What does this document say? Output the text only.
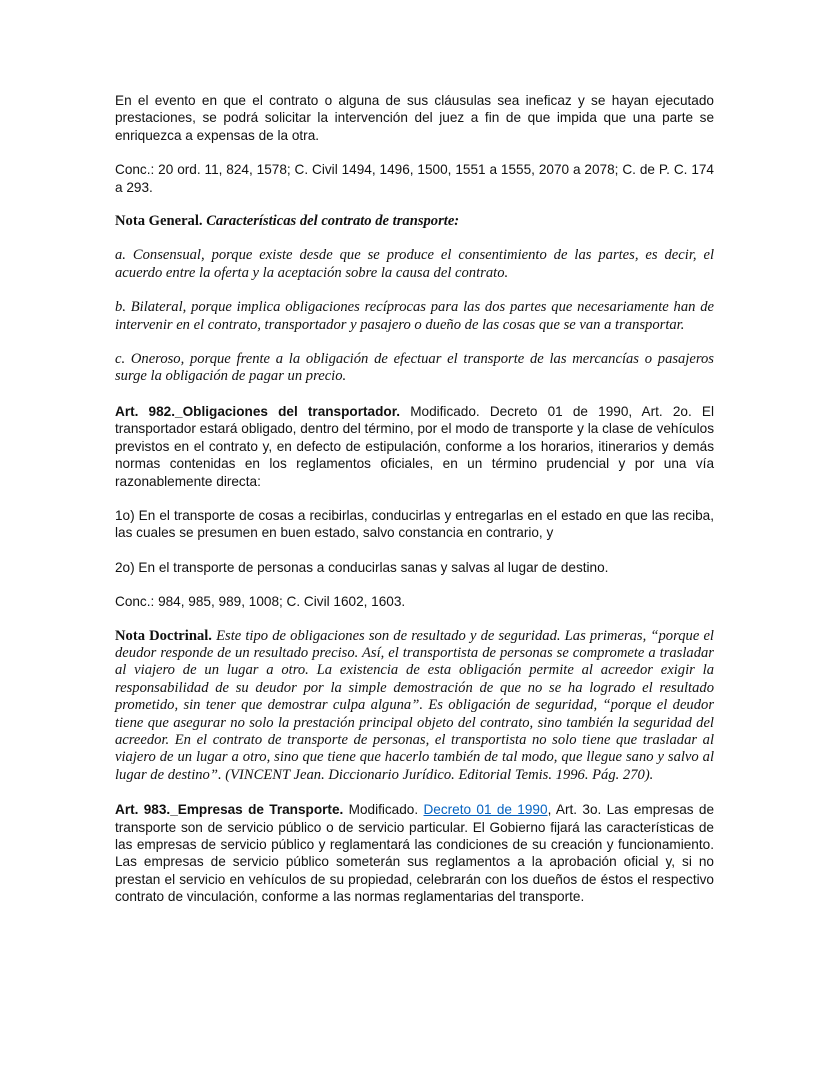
En el evento en que el contrato o alguna de sus cláusulas sea ineficaz y se hayan ejecutado prestaciones, se podrá solicitar la intervención del juez a fin de que impida que una parte se enriquezca a expensas de la otra.

Conc.: 20 ord. 11, 824, 1578; C. Civil 1494, 1496, 1500, 1551 a 1555, 2070 a 2078; C. de P. C. 174 a 293.

Nota General. Características del contrato de transporte:

a. Consensual, porque existe desde que se produce el consentimiento de las partes, es decir, el acuerdo entre la oferta y la aceptación sobre la causa del contrato.

b. Bilateral, porque implica obligaciones recíprocas para las dos partes que necesariamente han de intervenir en el contrato, transportador y pasajero o dueño de las cosas que se van a transportar.

c. Oneroso, porque frente a la obligación de efectuar el transporte de las mercancías o pasajeros surge la obligación de pagar un precio.

Art. 982._Obligaciones del transportador. Modificado. Decreto 01 de 1990, Art. 2o. El transportador estará obligado, dentro del término, por el modo de transporte y la clase de vehículos previstos en el contrato y, en defecto de estipulación, conforme a los horarios, itinerarios y demás normas contenidas en los reglamentos oficiales, en un término prudencial y por una vía razonablemente directa:

1o) En el transporte de cosas a recibirlas, conducirlas y entregarlas en el estado en que las reciba, las cuales se presumen en buen estado, salvo constancia en contrario, y

2o) En el transporte de personas a conducirlas sanas y salvas al lugar de destino.

Conc.: 984, 985, 989, 1008; C. Civil 1602, 1603.

Nota Doctrinal. Este tipo de obligaciones son de resultado y de seguridad. Las primeras, “porque el deudor responde de un resultado preciso. Así, el transportista de personas se compromete a trasladar al viajero de un lugar a otro. La existencia de esta obligación permite al acreedor exigir la responsabilidad de su deudor por la simple demostración de que no se ha logrado el resultado prometido, sin tener que demostrar culpa alguna”. Es obligación de seguridad, “porque el deudor tiene que asegurar no solo la prestación principal objeto del contrato, sino también la seguridad del acreedor. En el contrato de transporte de personas, el transportista no solo tiene que trasladar al viajero de un lugar a otro, sino que tiene que hacerlo también de tal modo, que llegue sano y salvo al lugar de destino”. (VINCENT Jean. Diccionario Jurídico. Editorial Temis. 1996. Pág. 270).

Art. 983._Empresas de Transporte. Modificado. Decreto 01 de 1990, Art. 3o. Las empresas de transporte son de servicio público o de servicio particular. El Gobierno fijará las características de las empresas de servicio público y reglamentará las condiciones de su creación y funcionamiento. Las empresas de servicio público someterán sus reglamentos a la aprobación oficial y, si no prestan el servicio en vehículos de su propiedad, celebrarán con los dueños de éstos el respectivo contrato de vinculación, conforme a las normas reglamentarias del transporte.
